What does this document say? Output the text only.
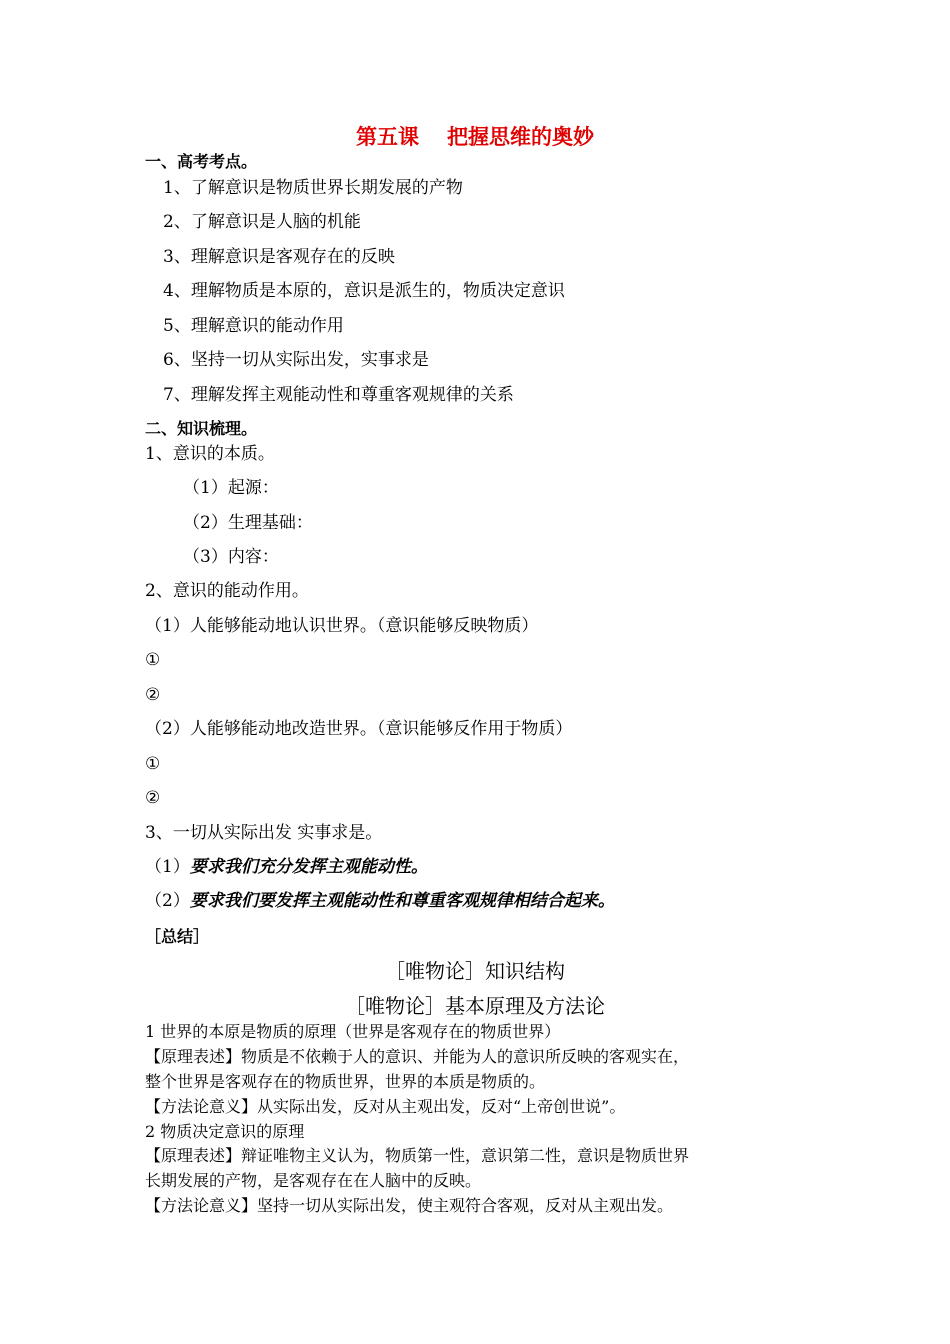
第五课 把握思维的奥妙
一、高考考点。
1、了解意识是物质世界长期发展的产物
2、了解意识是人脑的机能
3、理解意识是客观存在的反映
4、理解物质是本原的，意识是派生的，物质决定意识
5、理解意识的能动作用
6、坚持一切从实际出发，实事求是
7、理解发挥主观能动性和尊重客观规律的关系
二、知识梳理。
1、意识的本质。
（1）起源：
（2）生理基础：
（3）内容：
2、意识的能动作用。
（1）人能够能动地认识世界。（意识能够反映物质）
①
②
（2）人能够能动地改造世界。（意识能够反作用于物质）
①
②
3、一切从实际出发 实事求是。
（1）要求我们充分发挥主观能动性。
（2）要求我们要发挥主观能动性和尊重客观规律相结合起来。
［总结］
［唯物论］知识结构
［唯物论］基本原理及方法论
1 世界的本原是物质的原理（世界是客观存在的物质世界）
【原理表述】物质是不依赖于人的意识、并能为人的意识所反映的客观实在，
整个世界是客观存在的物质世界，世界的本质是物质的。
【方法论意义】从实际出发，反对从主观出发，反对“上帝创世说”。
2 物质决定意识的原理
【原理表述】辩证唯物主义认为，物质第一性，意识第二性，意识是物质世界
长期发展的产物，是客观存在在人脑中的反映。
【方法论意义】坚持一切从实际出发，使主观符合客观，反对从主观出发。
